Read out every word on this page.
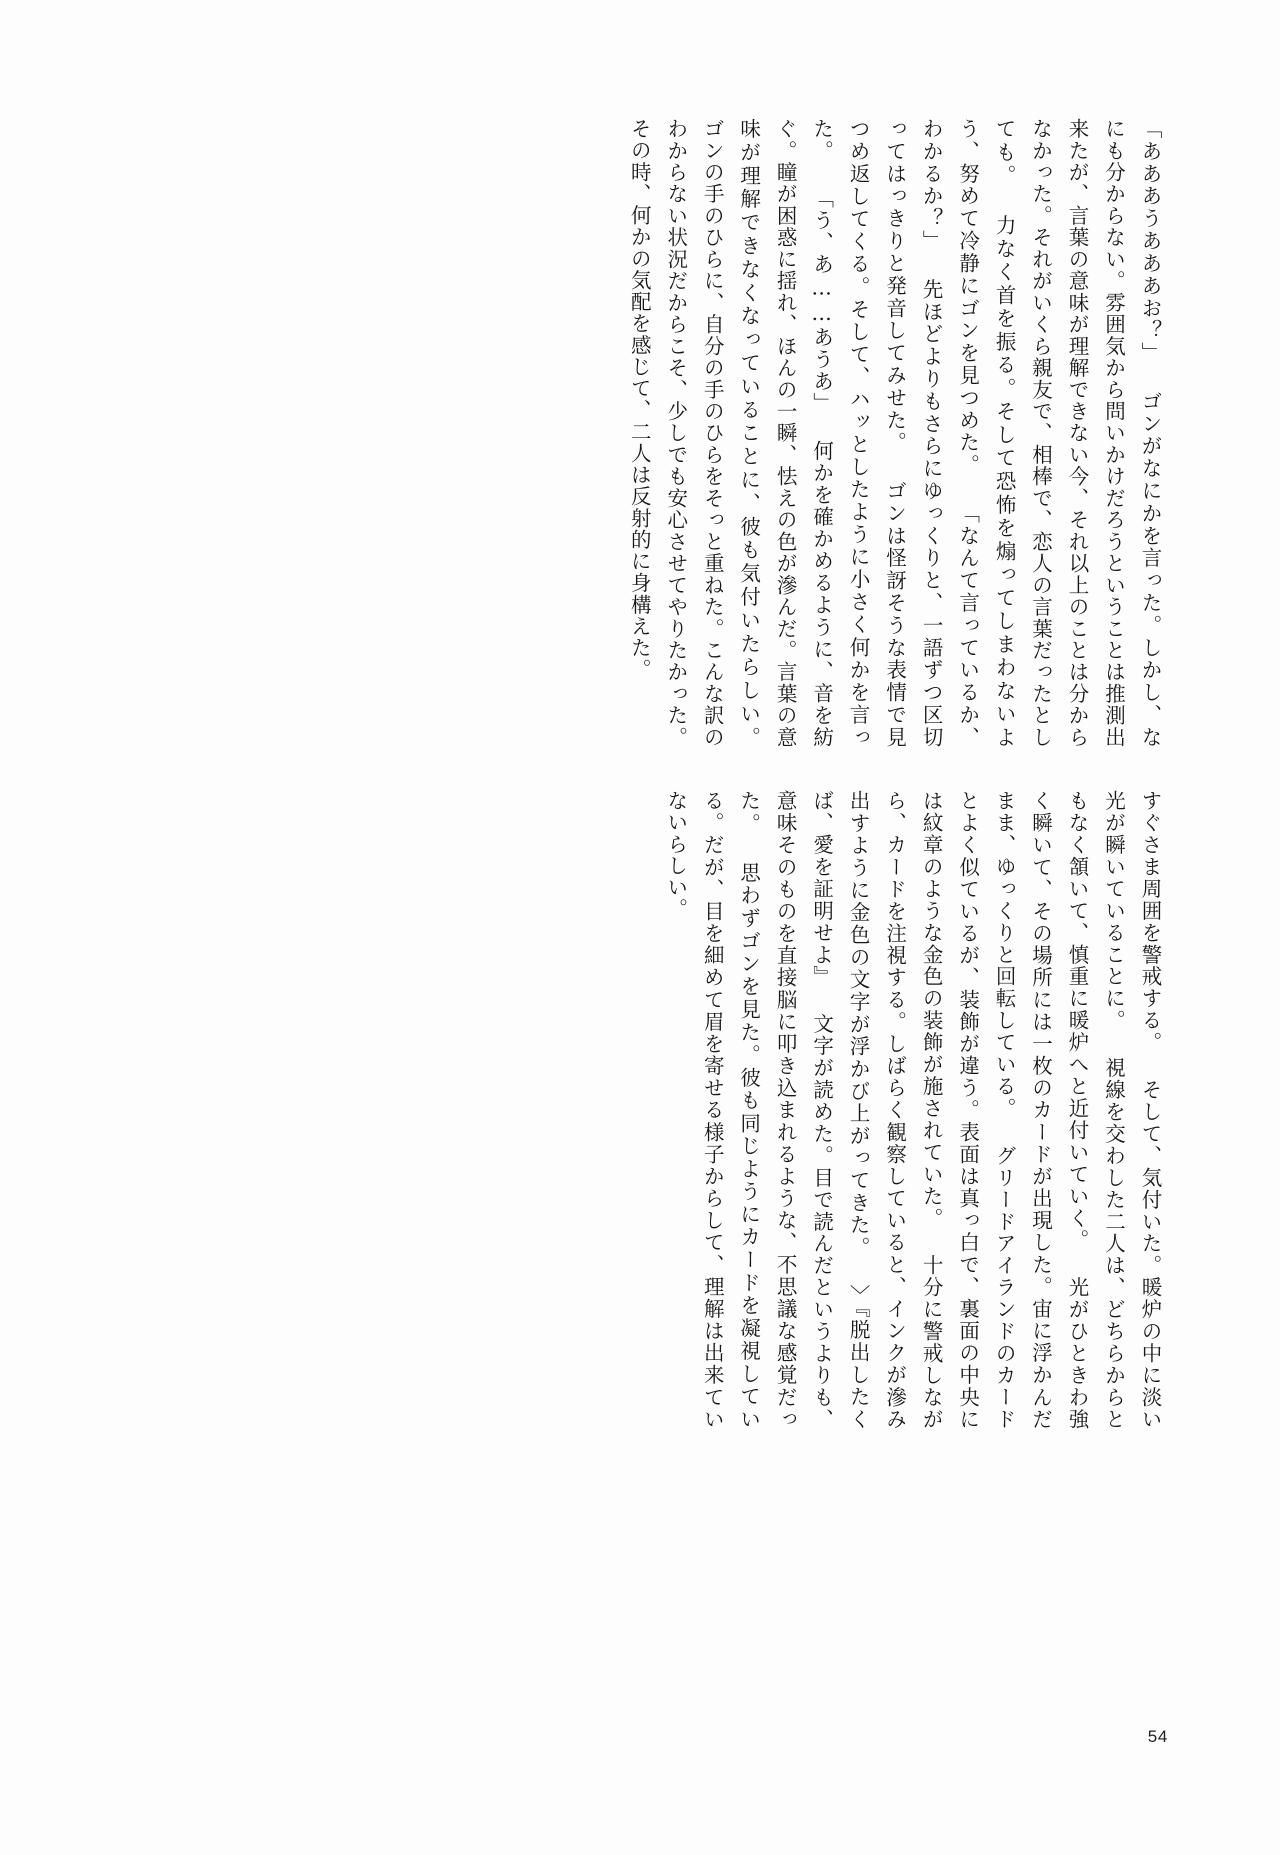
「あああうあああお？」 ゴンがなにかを言った。しかし、なにも分からない。雰囲気から問いかけだろうということは推測出来たが、言葉の意味が理解できない今、それ以上のことは分からなかった。それがいくら親友で、相棒で、恋人の言葉だったとしても。 力なく首を振る。そして恐怖を煽ってしまわないよう、努めて冷静にゴンを見つめた。 「なんて言っているか、わかるか？」 先ほどよりもさらにゆっくりと、一語ずつ区切ってはっきりと発音してみせた。 ゴンは怪訝そうな表情で見つめ返してくる。そして、ハッとしたように小さく何かを言った。 「う、あ……あうあ」 何かを確かめるように、音を紡ぐ。瞳が困惑に揺れ、ほんの一瞬、怯えの色が滲んだ。言葉の意味が理解できなくなっていることに、彼も気付いたらしい。 ゴンの手のひらに、自分の手のひらをそっと重ねた。こんな訳のわからない状況だからこそ、少しでも安心させてやりたかった。 その時、何かの気配を感じて、二人は反射的に身構えた。
すぐさま周囲を警戒する。 そして、気付いた。暖炉の中に淡い光が瞬いていることに。 視線を交わした二人は、どちらからともなく頷いて、慎重に暖炉へと近付いていく。 光がひときわ強く瞬いて、その場所には一枚のカードが出現した。宙に浮かんだまま、ゆっくりと回転している。 グリードアイランドのカードとよく似ているが、装飾が違う。表面は真っ白で、裏面の中央には紋章のような金色の装飾が施されていた。 十分に警戒しながら、カードを注視する。しばらく観察していると、インクが滲み出すように金色の文字が浮かび上がってきた。 〉『脱出したくば、愛を証明せよ』 文字が読めた。目で読んだというよりも、意味そのものを直接脳に叩き込まれるような、不思議な感覚だった。 思わずゴンを見た。彼も同じようにカードを凝視している。だが、目を細めて眉を寄せる様子からして、理解は出来ていないらしい。
54
